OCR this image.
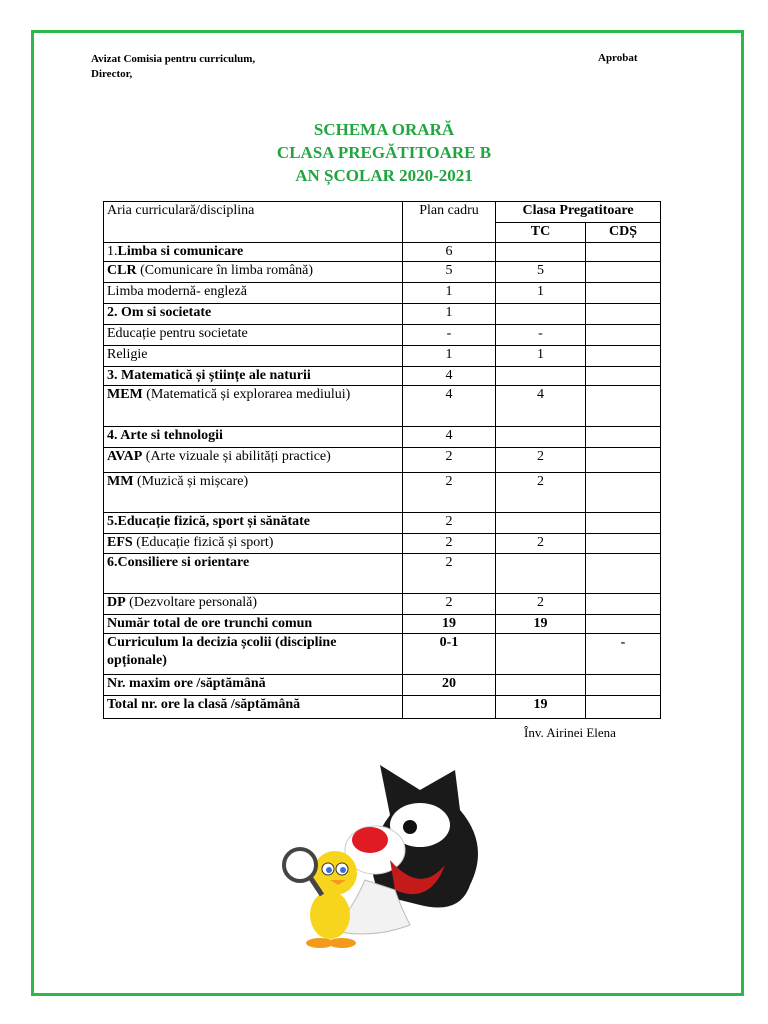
Avizat Comisia pentru curriculum,
Director,
Aprobat
SCHEMA ORARĂ
CLASA PREGĂTITOARE B
AN ȘCOLAR 2020-2021
Aria curriculară/disciplina	Plan cadru	Clasa Pregatitoare	
		TC	CDȘ
1.Limba si comunicare	6		
CLR (Comunicare în limba română)	5	5	
Limba modernă- engleză	1	1	
2. Om si societate	1		
Educație pentru societate	-	-	
Religie	1	1	
3. Matematică și științe ale naturii	4		
MEM (Matematică și explorarea mediului)	4	4	
4. Arte si tehnologii	4		
AVAP (Arte vizuale și abilități practice)	2	2	
MM (Muzică și mișcare)	2	2	
5.Educație fizică, sport și sănătate	2		
EFS (Educație fizică și sport)	2	2	
6.Consiliere si orientare	2		
DP (Dezvoltare personală)	2	2	
Număr total de ore trunchi comun	19	19	
Curriculum la decizia școlii (discipline opționale)	0-1		-
Nr. maxim ore /săptămână	20		
Total nr. ore la clasă /săptămână		19	
Înv. Airinei Elena
